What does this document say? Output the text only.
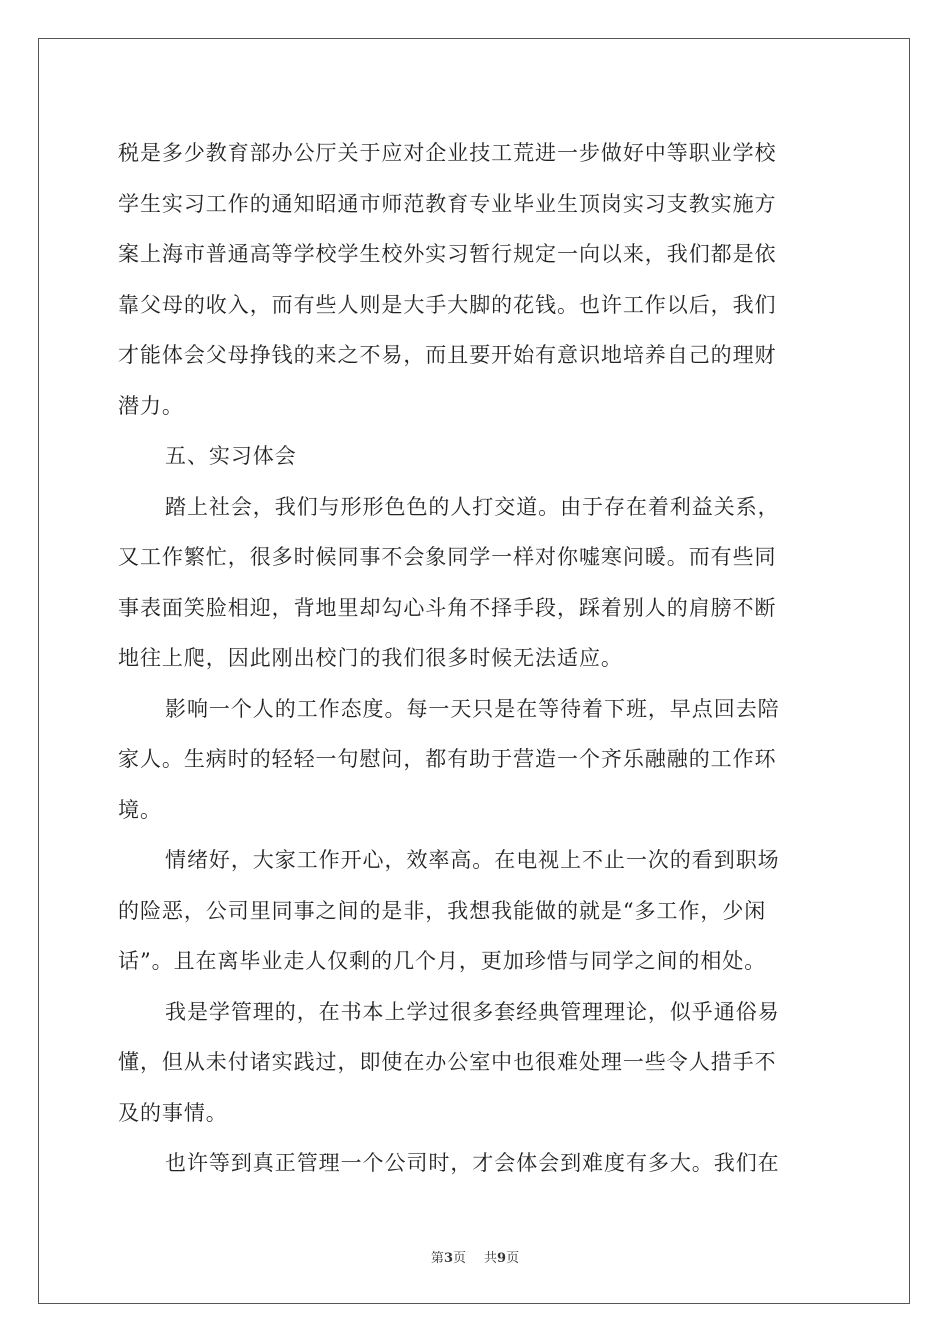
税是多少教育部办公厅关于应对企业技工荒进一步做好中等职业学校

学生实习工作的通知昭通市师范教育专业毕业生顶岗实习支教实施方

案上海市普通高等学校学生校外实习暂行规定一向以来，我们都是依

靠父母的收入，而有些人则是大手大脚的花钱。也许工作以后，我们

才能体会父母挣钱的来之不易，而且要开始有意识地培养自己的理财

潜力。

五、实习体会

踏上社会，我们与形形色色的人打交道。由于存在着利益关系，

又工作繁忙，很多时候同事不会象同学一样对你嘘寒问暖。而有些同

事表面笑脸相迎，背地里却勾心斗角不择手段，踩着别人的肩膀不断

地往上爬，因此刚出校门的我们很多时候无法适应。

影响一个人的工作态度。每一天只是在等待着下班，早点回去陪

家人。生病时的轻轻一句慰问，都有助于营造一个齐乐融融的工作环

境。

情绪好，大家工作开心，效率高。在电视上不止一次的看到职场

的险恶，公司里同事之间的是非，我想我能做的就是“多工作，少闲

话”。且在离毕业走人仅剩的几个月，更加珍惜与同学之间的相处。

我是学管理的，在书本上学过很多套经典管理理论，似乎通俗易

懂，但从未付诸实践过，即使在办公室中也很难处理一些令人措手不

及的事情。

也许等到真正管理一个公司时，才会体会到难度有多大。我们在

第3页 共9页
